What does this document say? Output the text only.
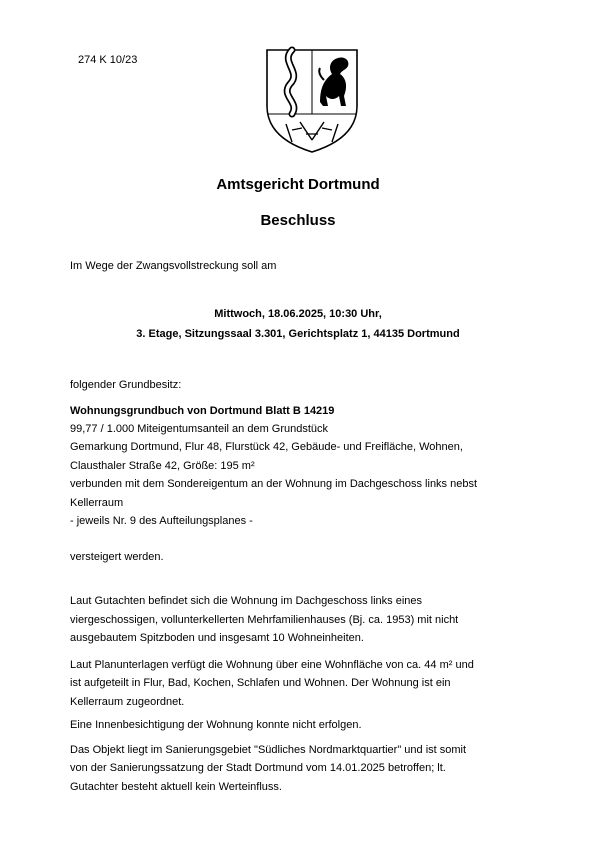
274 K 10/23
Amtsgericht Dortmund
Beschluss
Im Wege der Zwangsvollstreckung soll am
Mittwoch, 18.06.2025, 10:30 Uhr,
3. Etage, Sitzungssaal 3.301, Gerichtsplatz 1, 44135 Dortmund
folgender Grundbesitz:
Wohnungsgrundbuch von Dortmund Blatt B 14219
99,77 / 1.000 Miteigentumsanteil an dem Grundstück
Gemarkung Dortmund, Flur 48, Flurstück 42, Gebäude- und Freifläche, Wohnen,
Clausthaler Straße 42, Größe: 195 m²
verbunden mit dem Sondereigentum an der Wohnung im Dachgeschoss links nebst
Kellerraum
- jeweils Nr. 9 des Aufteilungsplanes -
versteigert werden.
Laut Gutachten befindet sich die Wohnung im Dachgeschoss links eines
viergeschossigen, vollunterkellerten Mehrfamilienhauses (Bj. ca. 1953) mit nicht
ausgebautem Spitzboden und insgesamt 10 Wohneinheiten.
Laut Planunterlagen verfügt die Wohnung über eine Wohnfläche von ca. 44 m² und
ist aufgeteilt in Flur, Bad, Kochen, Schlafen und Wohnen. Der Wohnung ist ein
Kellerraum zugeordnet.
Eine Innenbesichtigung der Wohnung konnte nicht erfolgen.
Das Objekt liegt im Sanierungsgebiet "Südliches Nordmarktquartier" und ist somit
von der Sanierungssatzung der Stadt Dortmund vom 14.01.2025 betroffen; lt.
Gutachter besteht aktuell kein Werteinfluss.
